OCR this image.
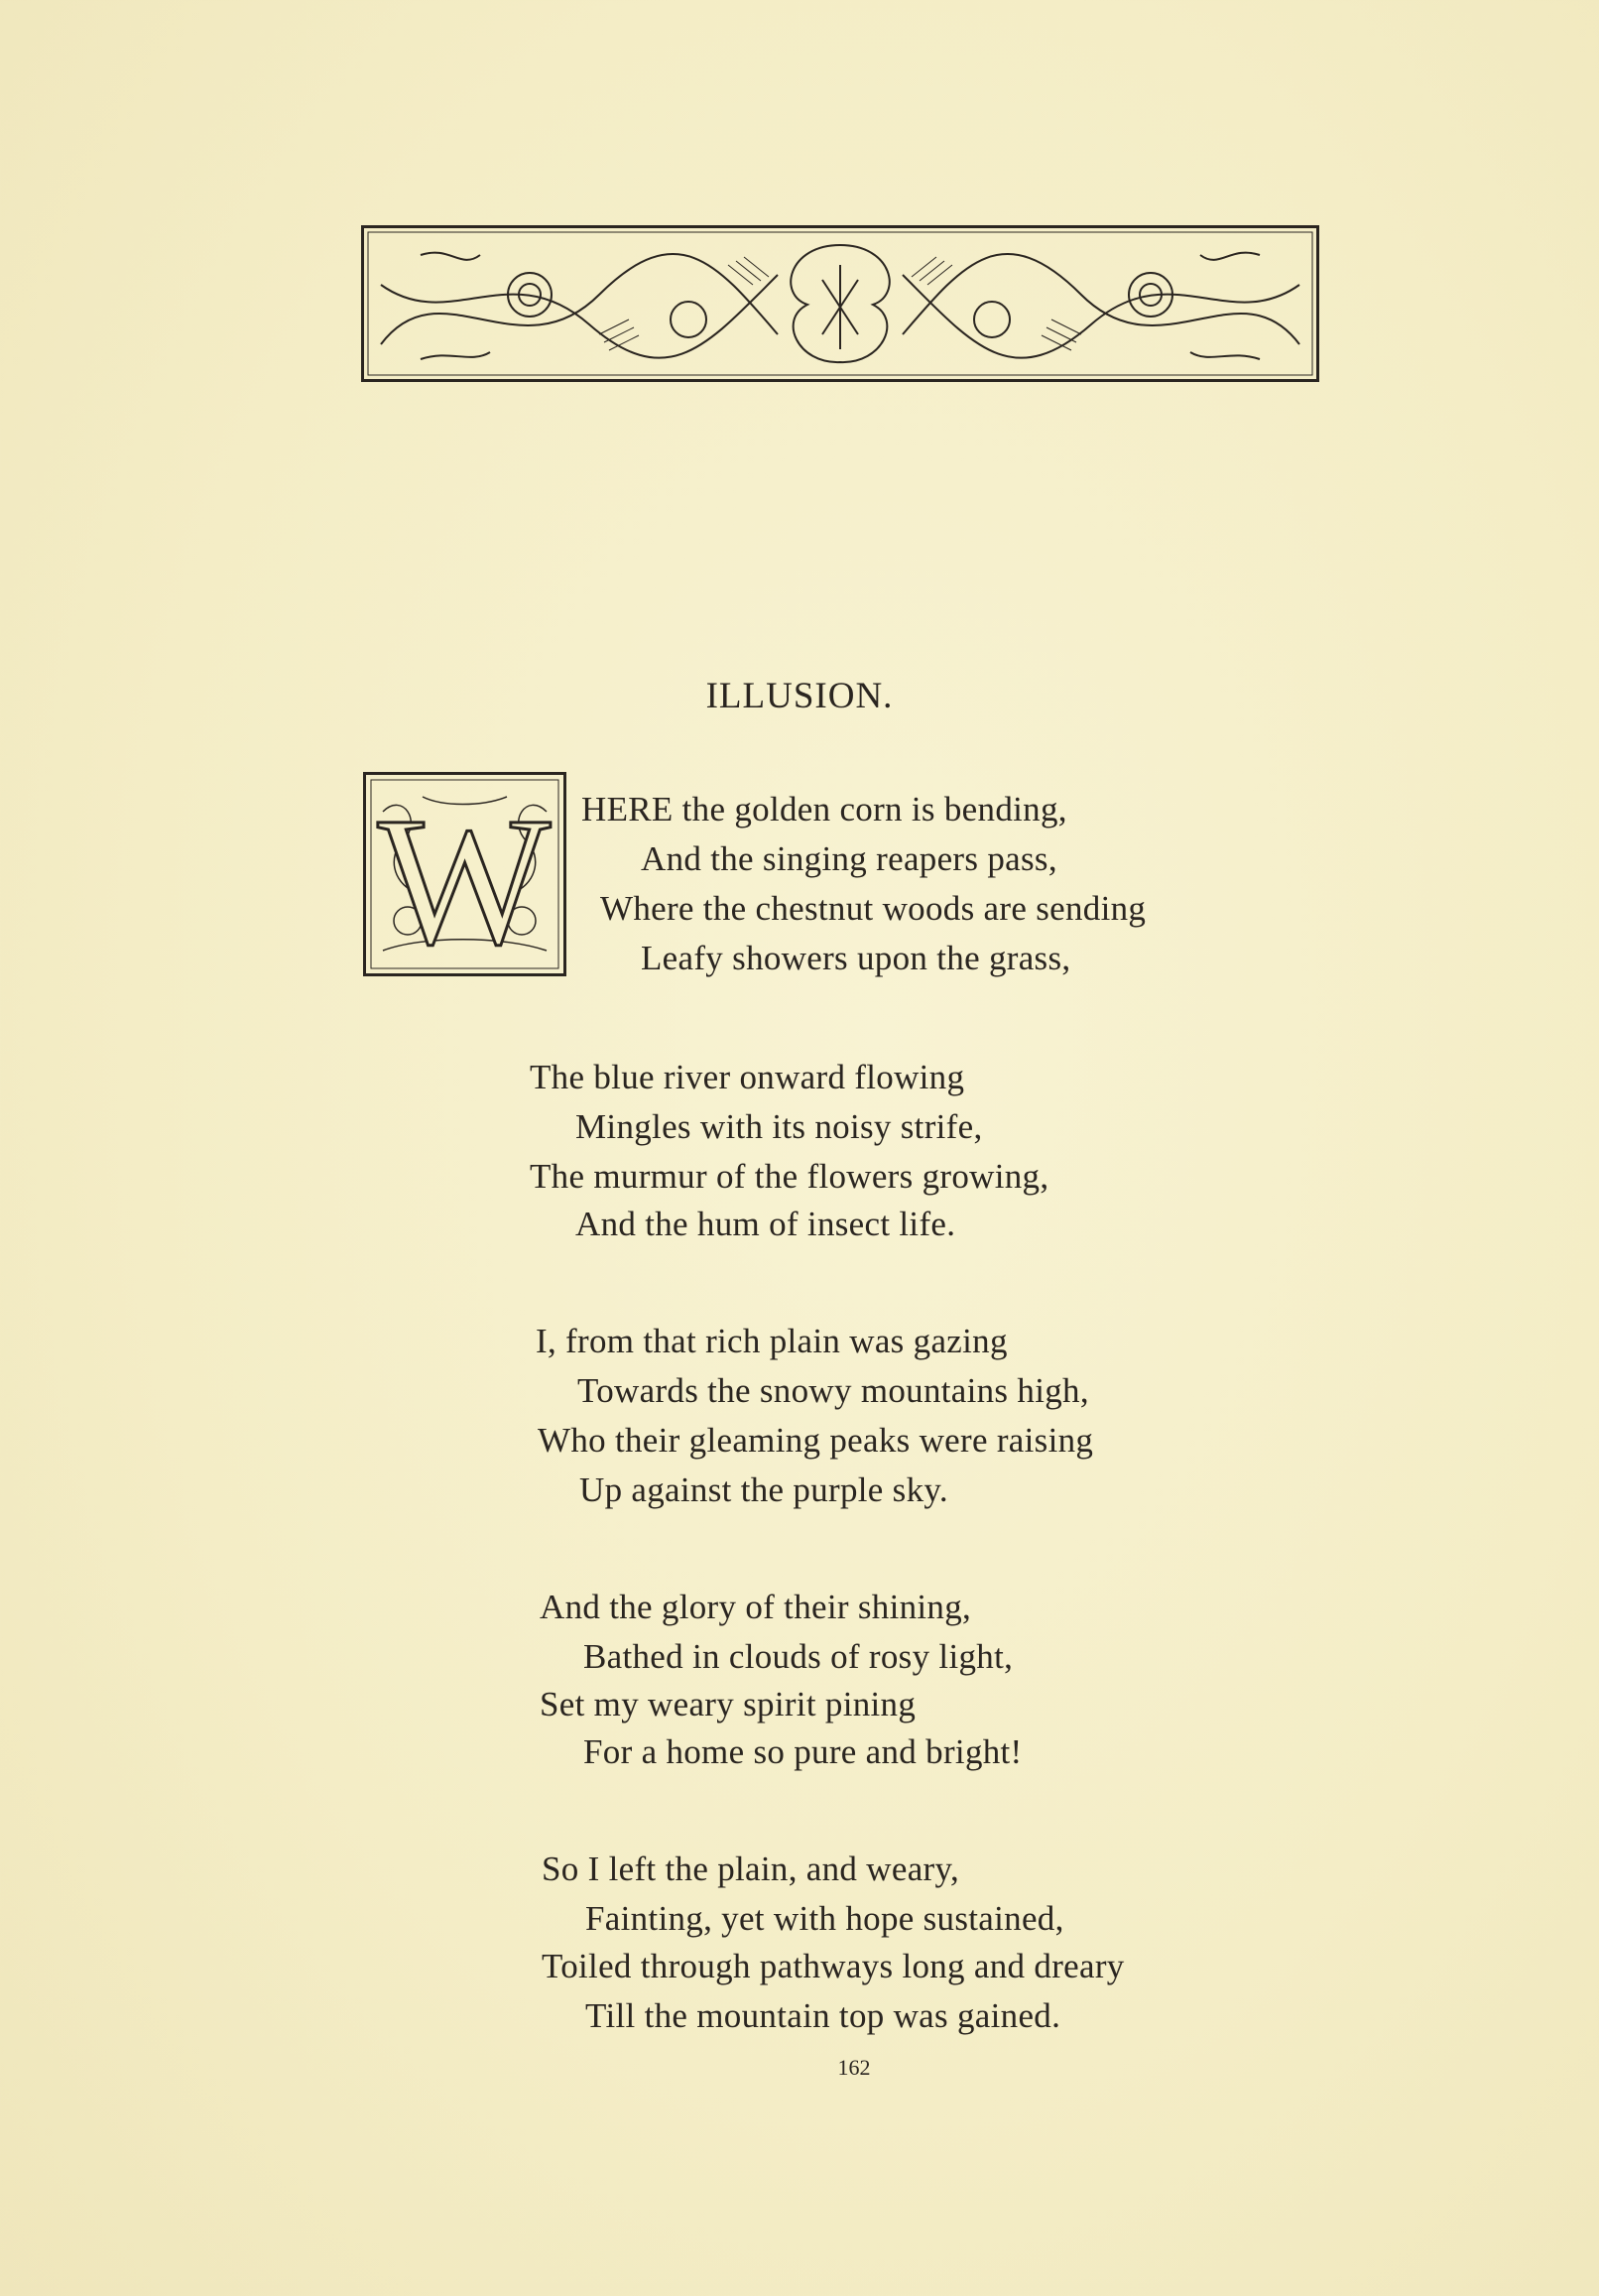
ILLUSION.
W HERE the golden corn is bending,
And the singing reapers pass,
Where the chestnut woods are sending
Leafy showers upon the grass,
The blue river onward flowing
Mingles with its noisy strife,
The murmur of the flowers growing,
And the hum of insect life.
I, from that rich plain was gazing
Towards the snowy mountains high,
Who their gleaming peaks were raising
Up against the purple sky.
And the glory of their shining,
Bathed in clouds of rosy light,
Set my weary spirit pining
For a home so pure and bright!
So I left the plain, and weary,
Fainting, yet with hope sustained,
Toiled through pathways long and dreary
Till the mountain top was gained.
162
